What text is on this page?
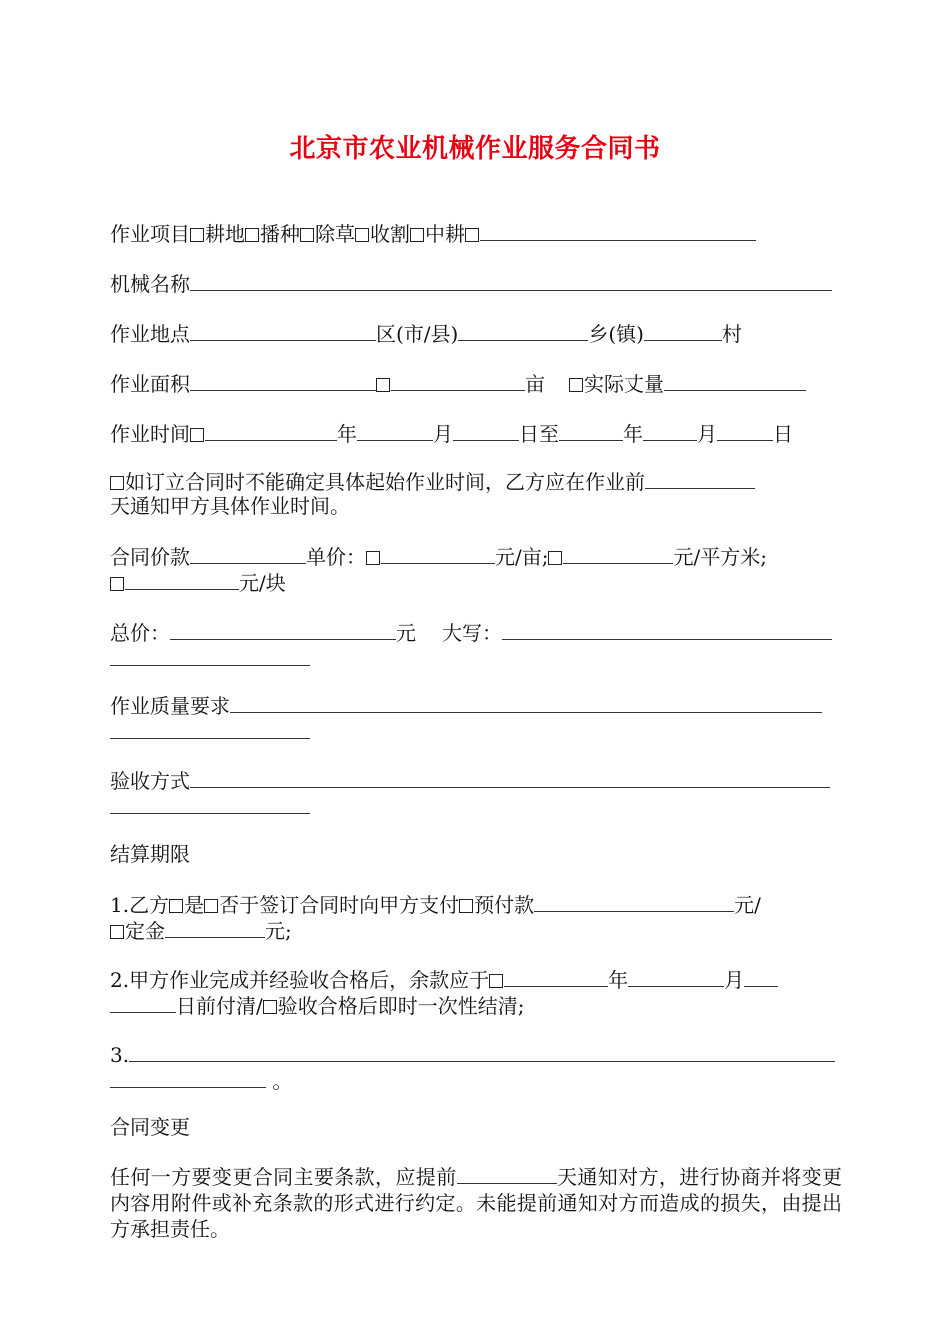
北京市农业机械作业服务合同书
作业项目 耕地 播种 除草 收割 中耕
机械名称
作业地点	区(市/县)	乡(镇)	村
作业面积	亩 实际丈量
作业时间	年	月	日至	年	月	日
如订立合同时不能确定具体起始作业时间，乙方应在作业前
天通知甲方具体作业时间。
合同价款	单价：	元/亩;	元/平方米;
元/块
总价：	元 大写：
作业质量要求
验收方式
结算期限
1.乙方 是 否于签订合同时向甲方支付 预付款	元/
定金	元;
2.甲方作业完成并经验收合格后，余款应于	年	月
日前付清/ 验收合格后即时一次性结清;
3.
。
合同变更
任何一方要变更合同主要条款，应提前	天通知对方，进行协商并将变更内容用附件或补充条款的形式进行约定。未能提前通知对方而造成的损失，由提出方承担责任。
